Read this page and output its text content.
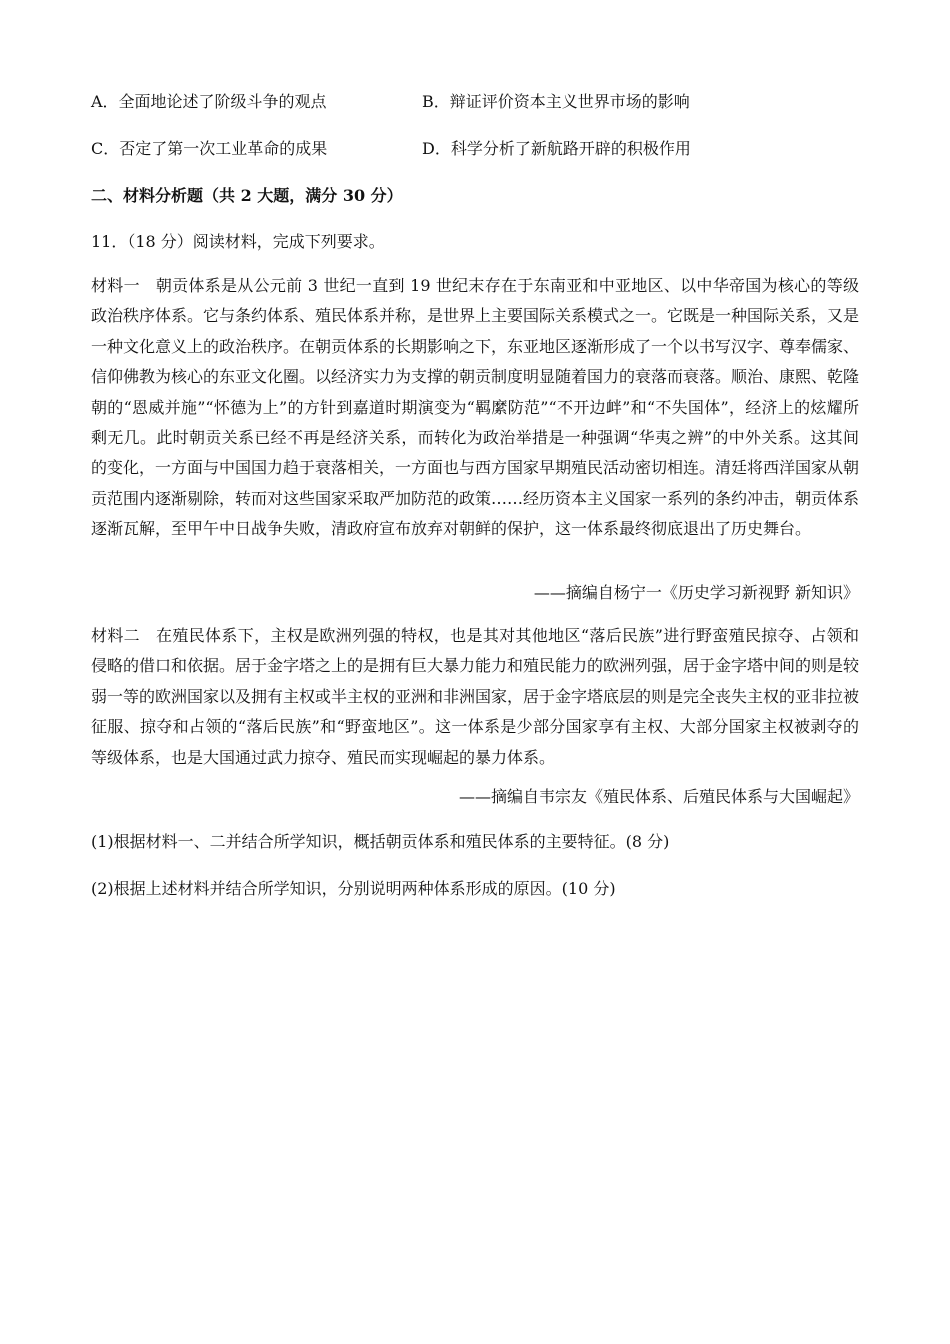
A．全面地论述了阶级斗争的观点	B．辩证评价资本主义世界市场的影响
C．否定了第一次工业革命的成果	D．科学分析了新航路开辟的积极作用
二、材料分析题（共 2 大题，满分 30 分）
11．（18 分）阅读材料，完成下列要求。

材料一 朝贡体系是从公元前 3 世纪一直到 19 世纪末存在于东南亚和中亚地区、以中华帝国为核心的等级政治秩序体系。它与条约体系、殖民体系并称，是世界上主要国际关系模式之一。它既是一种国际关系，又是一种文化意义上的政治秩序。在朝贡体系的长期影响之下，东亚地区逐渐形成了一个以书写汉字、尊奉儒家、信仰佛教为核心的东亚文化圈。以经济实力为支撑的朝贡制度明显随着国力的衰落而衰落。顺治、康熙、乾隆朝的“恩威并施”“怀德为上”的方针到嘉道时期演变为“羁縻防范”“不开边衅”和“不失国体”，经济上的炫耀所剩无几。此时朝贡关系已经不再是经济关系，而转化为政治举措是一种强调“华夷之辨”的中外关系。这其间的变化，一方面与中国国力趋于衰落相关，一方面也与西方国家早期殖民活动密切相连。清廷将西洋国家从朝贡范围内逐渐剔除，转而对这些国家采取严加防范的政策……经历资本主义国家一系列的条约冲击，朝贡体系逐渐瓦解，至甲午中日战争失败，清政府宣布放弃对朝鲜的保护，这一体系最终彻底退出了历史舞台。

——摘编自杨宁一《历史学习新视野 新知识》

材料二 在殖民体系下，主权是欧洲列强的特权，也是其对其他地区“落后民族”进行野蛮殖民掠夺、占领和侵略的借口和依据。居于金字塔之上的是拥有巨大暴力能力和殖民能力的欧洲列强，居于金字塔中间的则是较弱一等的欧洲国家以及拥有主权或半主权的亚洲和非洲国家，居于金字塔底层的则是完全丧失主权的亚非拉被征服、掠夺和占领的“落后民族”和“野蛮地区”。这一体系是少部分国家享有主权、大部分国家主权被剥夺的等级体系，也是大国通过武力掠夺、殖民而实现崛起的暴力体系。

——摘编自韦宗友《殖民体系、后殖民体系与大国崛起》
(1)根据材料一、二并结合所学知识，概括朝贡体系和殖民体系的主要特征。(8 分)
(2)根据上述材料并结合所学知识，分别说明两种体系形成的原因。(10 分)
